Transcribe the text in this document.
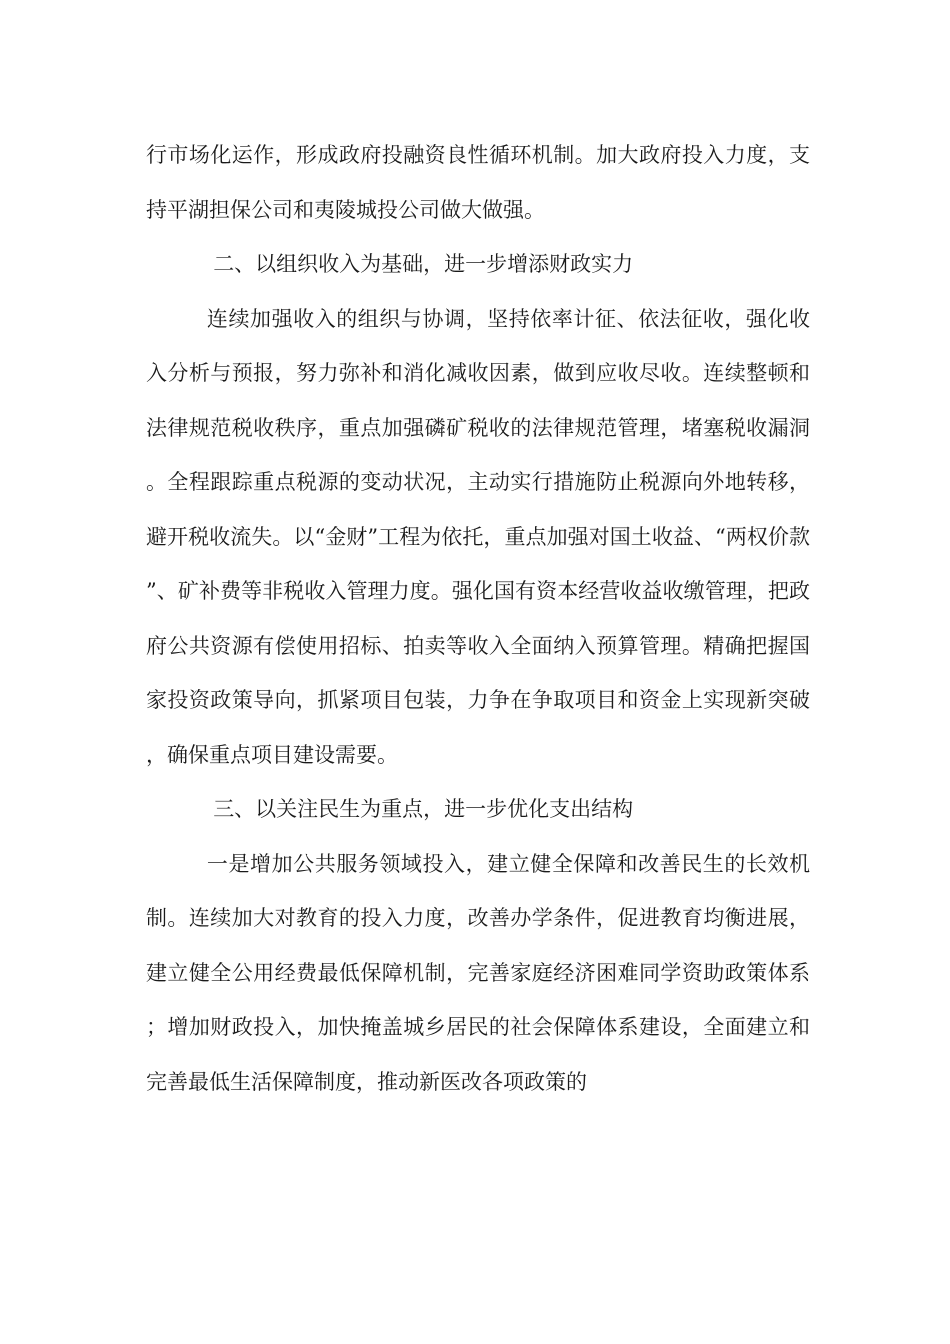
行市场化运作，形成政府投融资良性循环机制。加大政府投入力度，支持平湖担保公司和夷陵城投公司做大做强。

二、以组织收入为基础，进一步增添财政实力

连续加强收入的组织与协调，坚持依率计征、依法征收，强化收入分析与预报，努力弥补和消化减收因素，做到应收尽收。连续整顿和法律规范税收秩序，重点加强磷矿税收的法律规范管理，堵塞税收漏洞。全程跟踪重点税源的变动状况，主动实行措施防止税源向外地转移，避开税收流失。以“金财”工程为依托，重点加强对国土收益、“两权价款”、矿补费等非税收入管理力度。强化国有资本经营收益收缴管理，把政府公共资源有偿使用招标、拍卖等收入全面纳入预算管理。精确把握国家投资政策导向，抓紧项目包装，力争在争取项目和资金上实现新突破，确保重点项目建设需要。

三、以关注民生为重点，进一步优化支出结构

一是增加公共服务领域投入，建立健全保障和改善民生的长效机制。连续加大对教育的投入力度，改善办学条件，促进教育均衡进展，建立健全公用经费最低保障机制，完善家庭经济困难同学资助政策体系；增加财政投入，加快掩盖城乡居民的社会保障体系建设，全面建立和完善最低生活保障制度，推动新医改各项政策的
